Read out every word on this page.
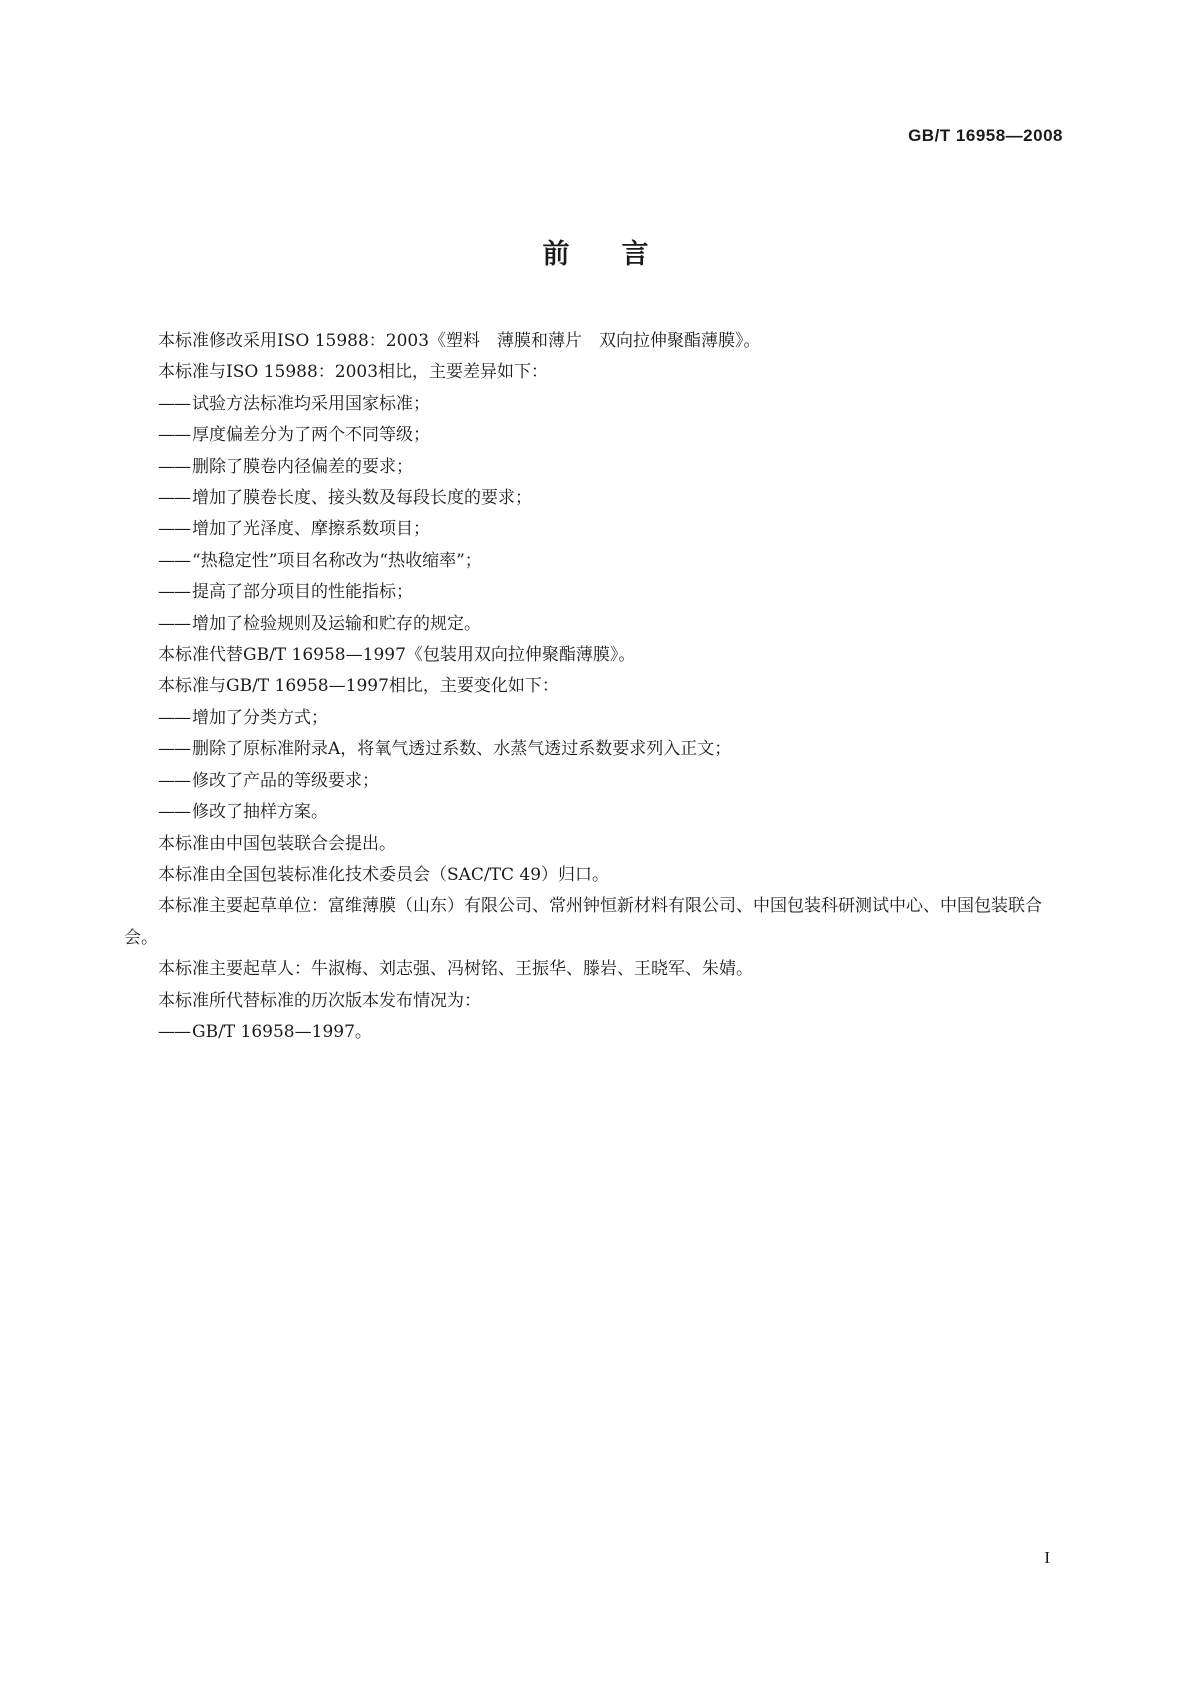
GB/T 16958—2008
前言

本标准修改采用ISO 15988：2003《塑料　薄膜和薄片　双向拉伸聚酯薄膜》。

本标准与ISO 15988：2003相比，主要差异如下：

—— 试验方法标准均采用国家标准；

—— 厚度偏差分为了两个不同等级；

—— 删除了膜卷内径偏差的要求；

—— 增加了膜卷长度、接头数及每段长度的要求；

—— 增加了光泽度、摩擦系数项目；

—— “热稳定性”项目名称改为“热收缩率”；

—— 提高了部分项目的性能指标；

—— 增加了检验规则及运输和贮存的规定。

本标准代替GB/T 16958—1997《包装用双向拉伸聚酯薄膜》。

本标准与GB/T 16958—1997相比，主要变化如下：

—— 增加了分类方式；

—— 删除了原标准附录A，将氧气透过系数、水蒸气透过系数要求列入正文；

—— 修改了产品的等级要求；

—— 修改了抽样方案。

本标准由中国包装联合会提出。

本标准由全国包装标准化技术委员会（SAC/TC 49）归口。

本标准主要起草单位：富维薄膜（山东）有限公司、常州钟恒新材料有限公司、中国包装科研测试中心、中国包装联合会。

本标准主要起草人：牛淑梅、刘志强、冯树铭、王振华、滕岩、王晓军、朱婧。

本标准所代替标准的历次版本发布情况为：

—— GB/T 16958—1997。

I
